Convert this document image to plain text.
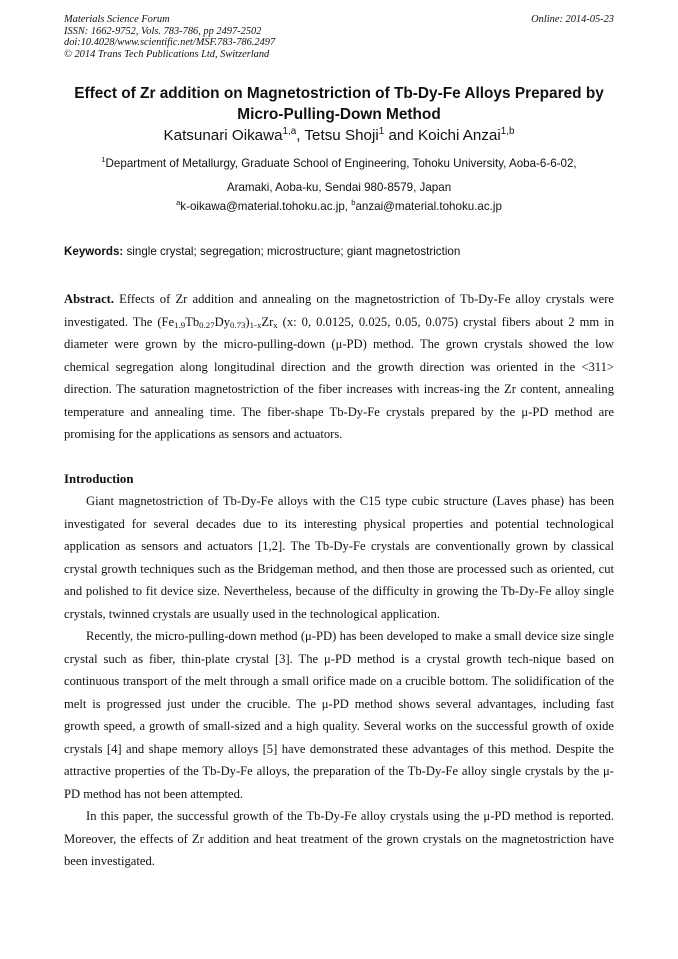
Materials Science Forum
ISSN: 1662-9752, Vols. 783-786, pp 2497-2502
doi:10.4028/www.scientific.net/MSF.783-786.2497
© 2014 Trans Tech Publications Ltd, Switzerland
Online: 2014-05-23
Effect of Zr addition on Magnetostriction of Tb-Dy-Fe Alloys Prepared by Micro-Pulling-Down Method
Katsunari Oikawa$^{1,a}$, Tetsu Shoji$^1$ and Koichi Anzai$^{1,b}$
$^1$Department of Metallurgy, Graduate School of Engineering, Tohoku University, Aoba-6-6-02,
Aramaki, Aoba-ku, Sendai 980-8579, Japan
$^a$k-oikawa@material.tohoku.ac.jp, $^b$anzai@material.tohoku.ac.jp
Keywords: single crystal; segregation; microstructure; giant magnetostriction
Abstract. Effects of Zr addition and annealing on the magnetostriction of Tb-Dy-Fe alloy crystals were investigated. The $(Fe_{1.9}Tb_{0.27}Dy_{0.73})_{1-x}Zr_x$ (x: 0, 0.0125, 0.025, 0.05, 0.075) crystal fibers about 2 mm in diameter were grown by the micro-pulling-down (μ-PD) method. The grown crystals showed the low chemical segregation along longitudinal direction and the growth direction was oriented in the <311> direction. The saturation magnetostriction of the fiber increases with increas-ing the Zr content, annealing temperature and annealing time. The fiber-shape Tb-Dy-Fe crystals prepared by the μ-PD method are promising for the applications as sensors and actuators.
Introduction

Giant magnetostriction of Tb-Dy-Fe alloys with the C15 type cubic structure (Laves phase) has been investigated for several decades due to its interesting physical properties and potential technological application as sensors and actuators [1,2]. The Tb-Dy-Fe crystals are conventionally grown by classical crystal growth techniques such as the Bridgeman method, and then those are processed such as oriented, cut and polished to fit device size. Nevertheless, because of the difficulty in growing the Tb-Dy-Fe alloy single crystals, twinned crystals are usually used in the technological application.

Recently, the micro-pulling-down method (μ-PD) has been developed to make a small device size single crystal such as fiber, thin-plate crystal [3]. The μ-PD method is a crystal growth tech-nique based on continuous transport of the melt through a small orifice made on a crucible bottom. The solidification of the melt is progressed just under the crucible. The μ-PD method shows several advantages, including fast growth speed, a growth of small-sized and a high quality. Several works on the successful growth of oxide crystals [4] and shape memory alloys [5] have demonstrated these advantages of this method. Despite the attractive properties of the Tb-Dy-Fe alloys, the preparation of the Tb-Dy-Fe alloy single crystals by the μ-PD method has not been attempted.

In this paper, the successful growth of the Tb-Dy-Fe alloy crystals using the μ-PD method is reported. Moreover, the effects of Zr addition and heat treatment of the grown crystals on the magnetostriction have been investigated.
